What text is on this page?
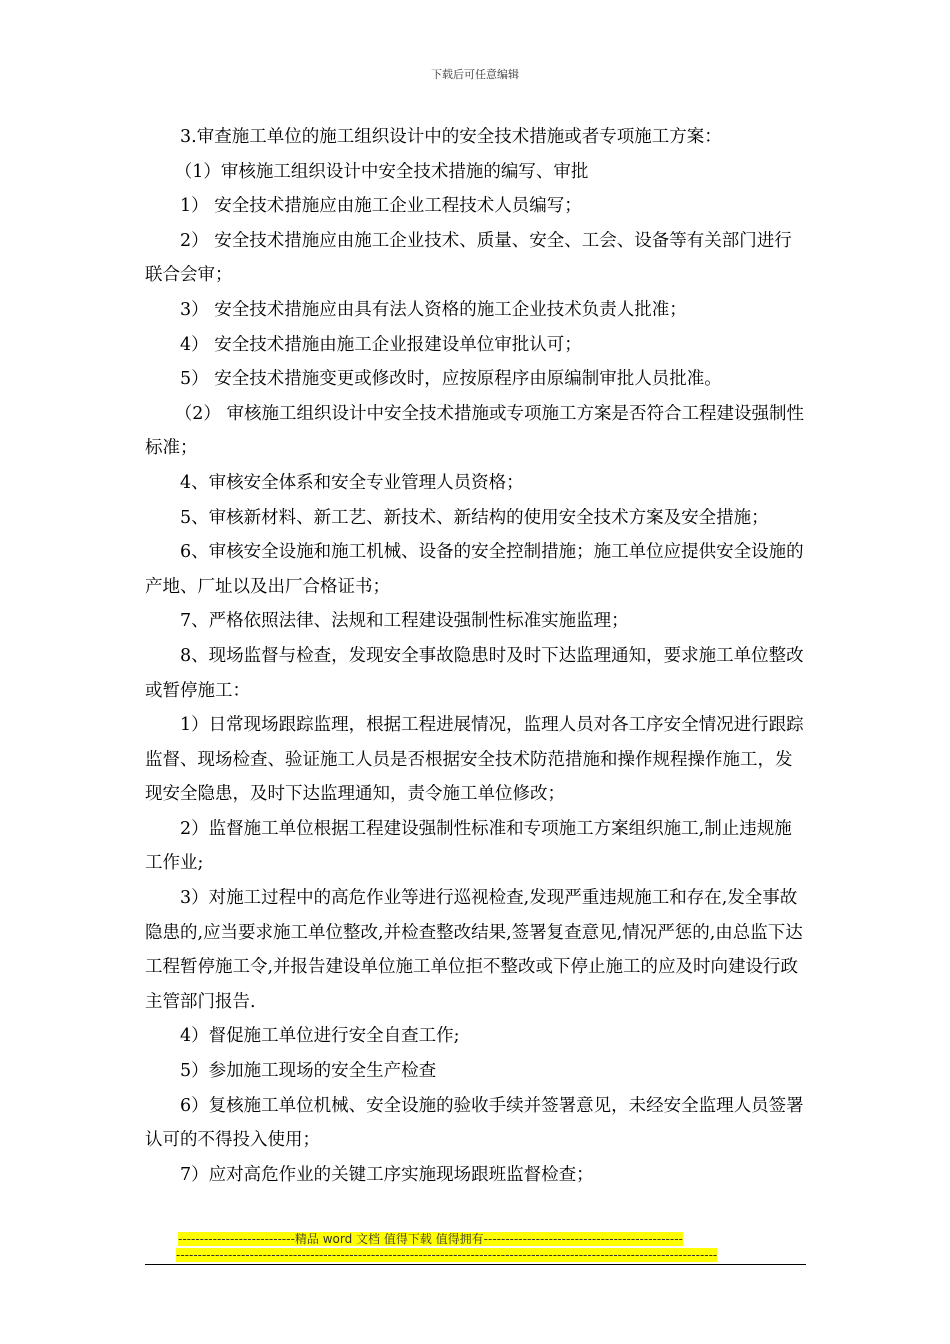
下载后可任意编辑

3.审查施工单位的施工组织设计中的安全技术措施或者专项施工方案：

（1）审核施工组织设计中安全技术措施的编写、审批

1） 安全技术措施应由施工企业工程技术人员编写；

2） 安全技术措施应由施工企业技术、质量、安全、工会、设备等有关部门进行联合会审；

3） 安全技术措施应由具有法人资格的施工企业技术负责人批准；

4） 安全技术措施由施工企业报建设单位审批认可；

5） 安全技术措施变更或修改时，应按原程序由原编制审批人员批准。

（2） 审核施工组织设计中安全技术措施或专项施工方案是否符合工程建设强制性标准；

4、审核安全体系和安全专业管理人员资格；

5、审核新材料、新工艺、新技术、新结构的使用安全技术方案及安全措施；

6、审核安全设施和施工机械、设备的安全控制措施；施工单位应提供安全设施的产地、厂址以及出厂合格证书；

7、严格依照法律、法规和工程建设强制性标准实施监理；

8、现场监督与检查，发现安全事故隐患时及时下达监理通知，要求施工单位整改或暂停施工：

1）日常现场跟踪监理，根据工程进展情况，监理人员对各工序安全情况进行跟踪监督、现场检查、验证施工人员是否根据安全技术防范措施和操作规程操作施工，发现安全隐患，及时下达监理通知，责令施工单位修改；

2）监督施工单位根据工程建设强制性标准和专项施工方案组织施工,制止违规施工作业;

3）对施工过程中的高危作业等进行巡视检查,发现严重违规施工和存在,发全事故隐患的,应当要求施工单位整改,并检查整改结果,签署复查意见,情况严惩的,由总监下达工程暂停施工令,并报告建设单位施工单位拒不整改或下停止施工的应及时向建设行政主管部门报告.

4）督促施工单位进行安全自查工作;

5）参加施工现场的安全生产检查

6）复核施工单位机械、安全设施的验收手续并签署意见，未经安全监理人员签署认可的不得投入使用；

7）应对高危作业的关键工序实施现场跟班监督检查；

---------------------------精品 word 文档 值得下载 值得拥有----------------------------------------------
-----------------------------------------------------------------------------------------------------------------------------
